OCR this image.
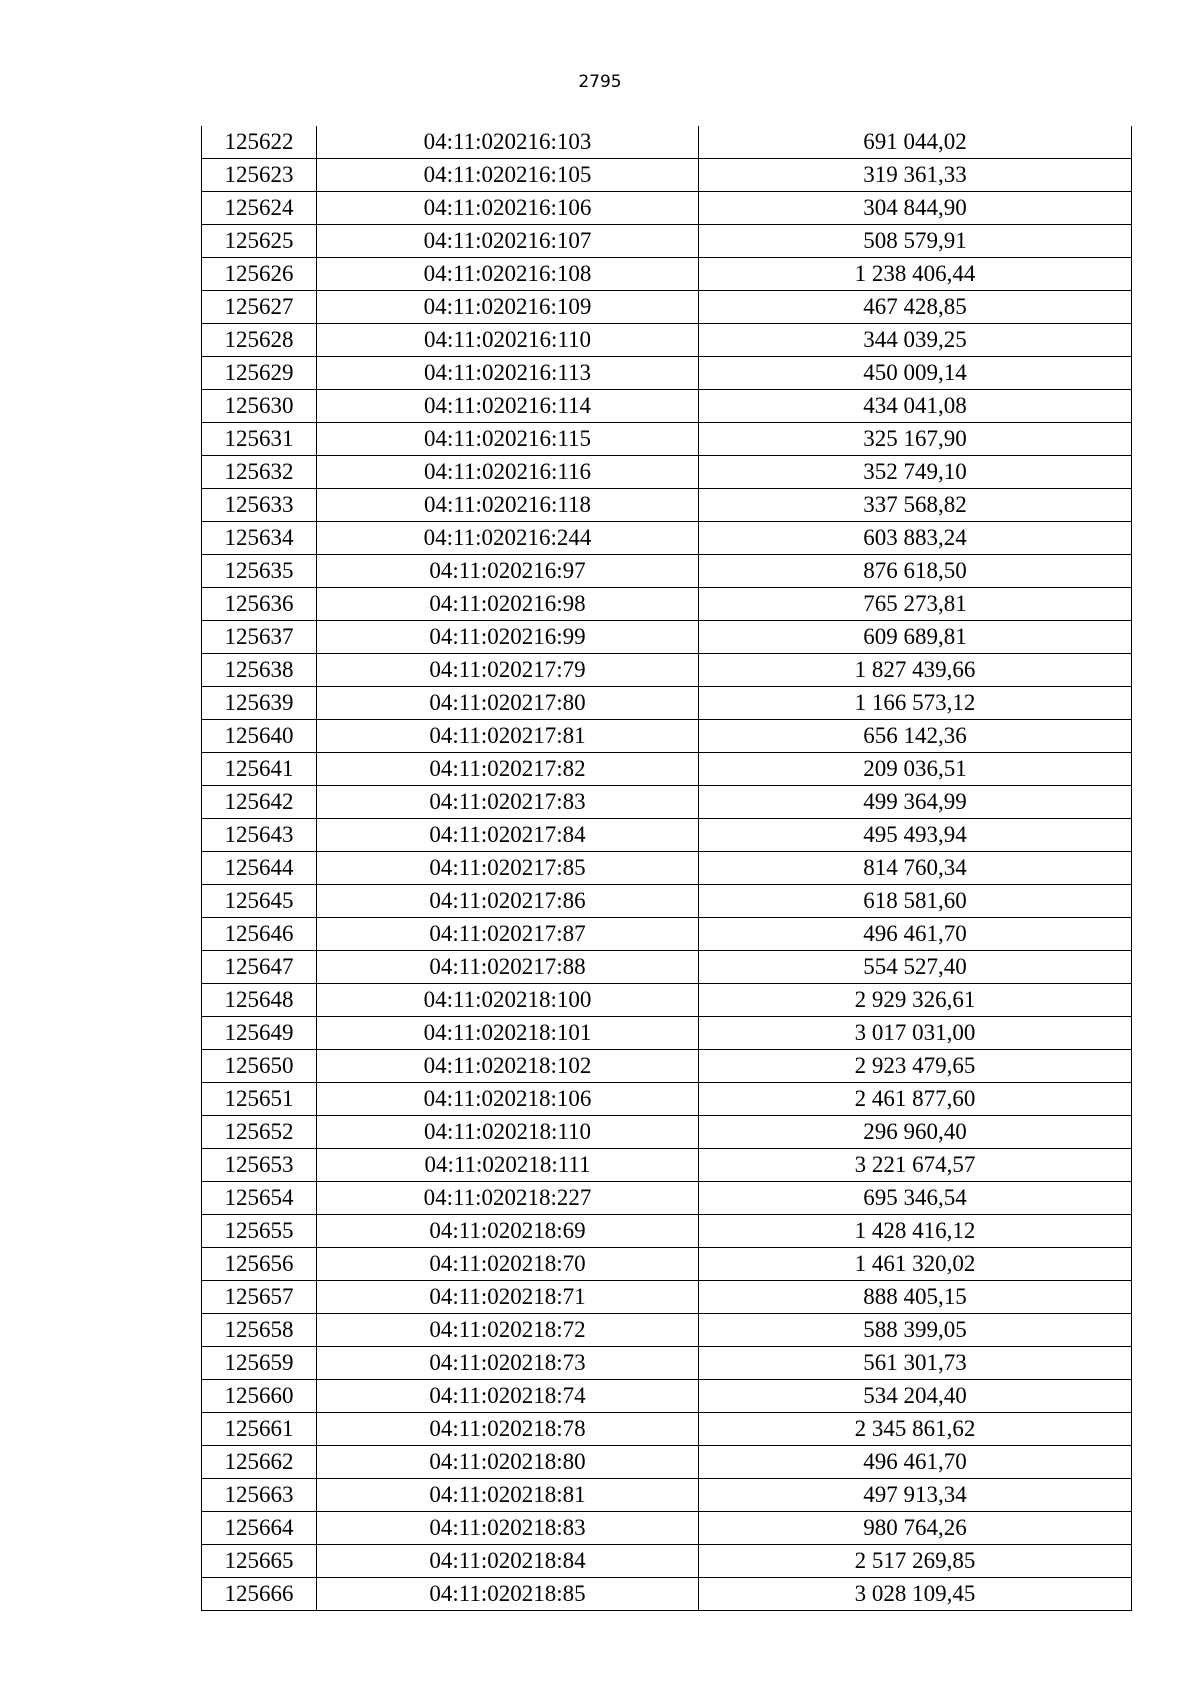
2795
125622	04:11:020216:103	691 044,02
125623	04:11:020216:105	319 361,33
125624	04:11:020216:106	304 844,90
125625	04:11:020216:107	508 579,91
125626	04:11:020216:108	1 238 406,44
125627	04:11:020216:109	467 428,85
125628	04:11:020216:110	344 039,25
125629	04:11:020216:113	450 009,14
125630	04:11:020216:114	434 041,08
125631	04:11:020216:115	325 167,90
125632	04:11:020216:116	352 749,10
125633	04:11:020216:118	337 568,82
125634	04:11:020216:244	603 883,24
125635	04:11:020216:97	876 618,50
125636	04:11:020216:98	765 273,81
125637	04:11:020216:99	609 689,81
125638	04:11:020217:79	1 827 439,66
125639	04:11:020217:80	1 166 573,12
125640	04:11:020217:81	656 142,36
125641	04:11:020217:82	209 036,51
125642	04:11:020217:83	499 364,99
125643	04:11:020217:84	495 493,94
125644	04:11:020217:85	814 760,34
125645	04:11:020217:86	618 581,60
125646	04:11:020217:87	496 461,70
125647	04:11:020217:88	554 527,40
125648	04:11:020218:100	2 929 326,61
125649	04:11:020218:101	3 017 031,00
125650	04:11:020218:102	2 923 479,65
125651	04:11:020218:106	2 461 877,60
125652	04:11:020218:110	296 960,40
125653	04:11:020218:111	3 221 674,57
125654	04:11:020218:227	695 346,54
125655	04:11:020218:69	1 428 416,12
125656	04:11:020218:70	1 461 320,02
125657	04:11:020218:71	888 405,15
125658	04:11:020218:72	588 399,05
125659	04:11:020218:73	561 301,73
125660	04:11:020218:74	534 204,40
125661	04:11:020218:78	2 345 861,62
125662	04:11:020218:80	496 461,70
125663	04:11:020218:81	497 913,34
125664	04:11:020218:83	980 764,26
125665	04:11:020218:84	2 517 269,85
125666	04:11:020218:85	3 028 109,45
